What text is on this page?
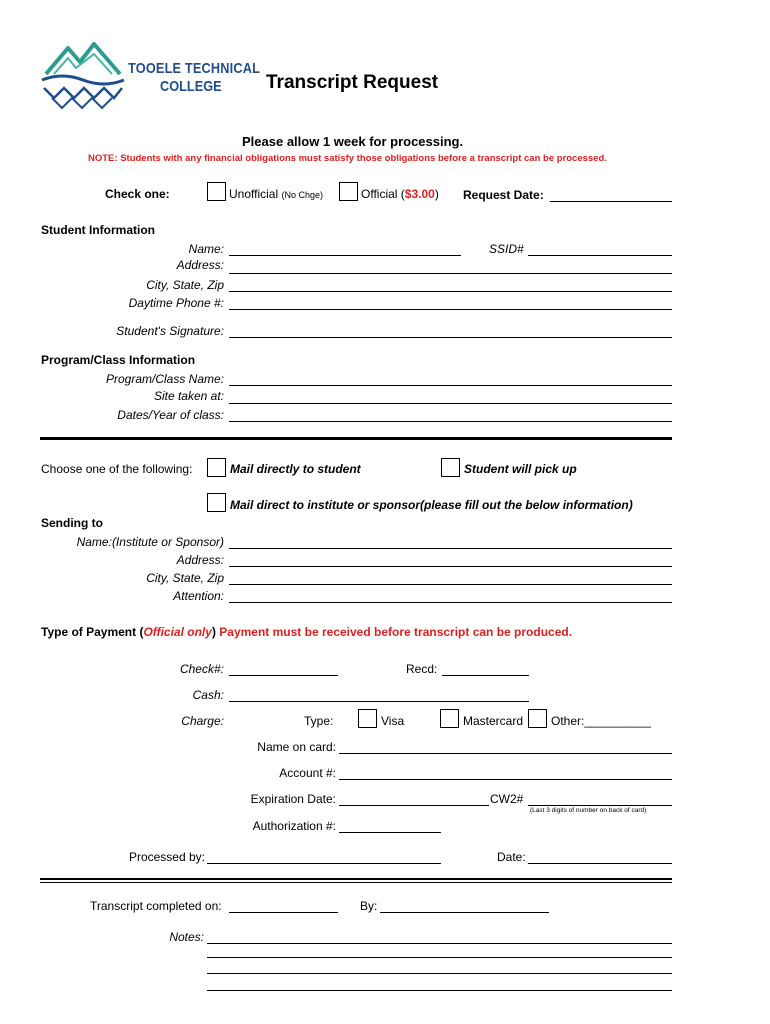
TOOELE TECHNICAL
COLLEGE Transcript Request
Please allow 1 week for processing.
NOTE: Students with any financial obligations must satisfy those obligations before a transcript can be processed.
Check one:	Unofficial (No Chge)	Official ($3.00) Request Date:
Student Information
Name:	SSID#
Address:
City, State, Zip
Daytime Phone #:
Student's Signature:
Program/Class Information
Program/Class Name:
Site taken at:
Dates/Year of class:
Choose one of the following:	Mail directly to student	Student will pick up
Mail direct to institute or sponsor(please fill out the below information)
Sending to
Name:(Institute or Sponsor)
Address:
City, State, Zip
Attention:
Type of Payment (Official only) Payment must be received before transcript can be produced.
Check#:	Recd:
Cash:
Charge:	Type:	Visa	Mastercard Other:__________
Name on card:
Account #:
Expiration Date:	CW2#
(Last 3 digits of number on back of card)
Authorization #:
Processed by:	Date:
Transcript completed on:	By:
Notes:
